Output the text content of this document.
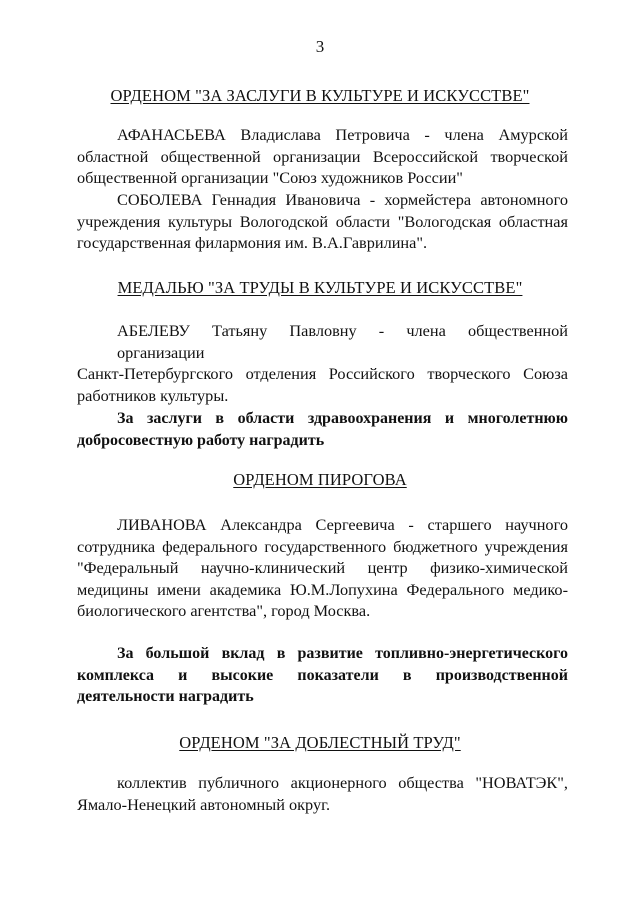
3
ОРДЕНОМ "ЗА ЗАСЛУГИ В КУЛЬТУРЕ И ИСКУССТВЕ"
АФАНАСЬЕВА Владислава Петровича - члена Амурской
областной общественной организации Всероссийской творческой
общественной организации "Союз художников России"
СОБОЛЕВА Геннадия Ивановича - хормейстера автономного
учреждения культуры Вологодской области "Вологодская областная
государственная филармония им. В.А.Гаврилина".
МЕДАЛЬЮ "ЗА ТРУДЫ В КУЛЬТУРЕ И ИСКУССТВЕ"
АБЕЛЕВУ Татьяну Павловну - члена общественной организации
Санкт-Петербургского отделения Российского творческого Союза
работников культуры.
За заслуги в области здравоохранения и многолетнюю
добросовестную работу наградить
ОРДЕНОМ ПИРОГОВА
ЛИВАНОВА Александра Сергеевича - старшего научного
сотрудника федерального государственного бюджетного учреждения
"Федеральный научно-клинический центр физико-химической
медицины имени академика Ю.М.Лопухина Федерального медико-
биологического агентства", город Москва.
За большой вклад в развитие топливно-энергетического
комплекса и высокие показатели в производственной
деятельности наградить
ОРДЕНОМ "ЗА ДОБЛЕСТНЫЙ ТРУД"
коллектив публичного акционерного общества "НОВАТЭК",
Ямало-Ненецкий автономный округ.
